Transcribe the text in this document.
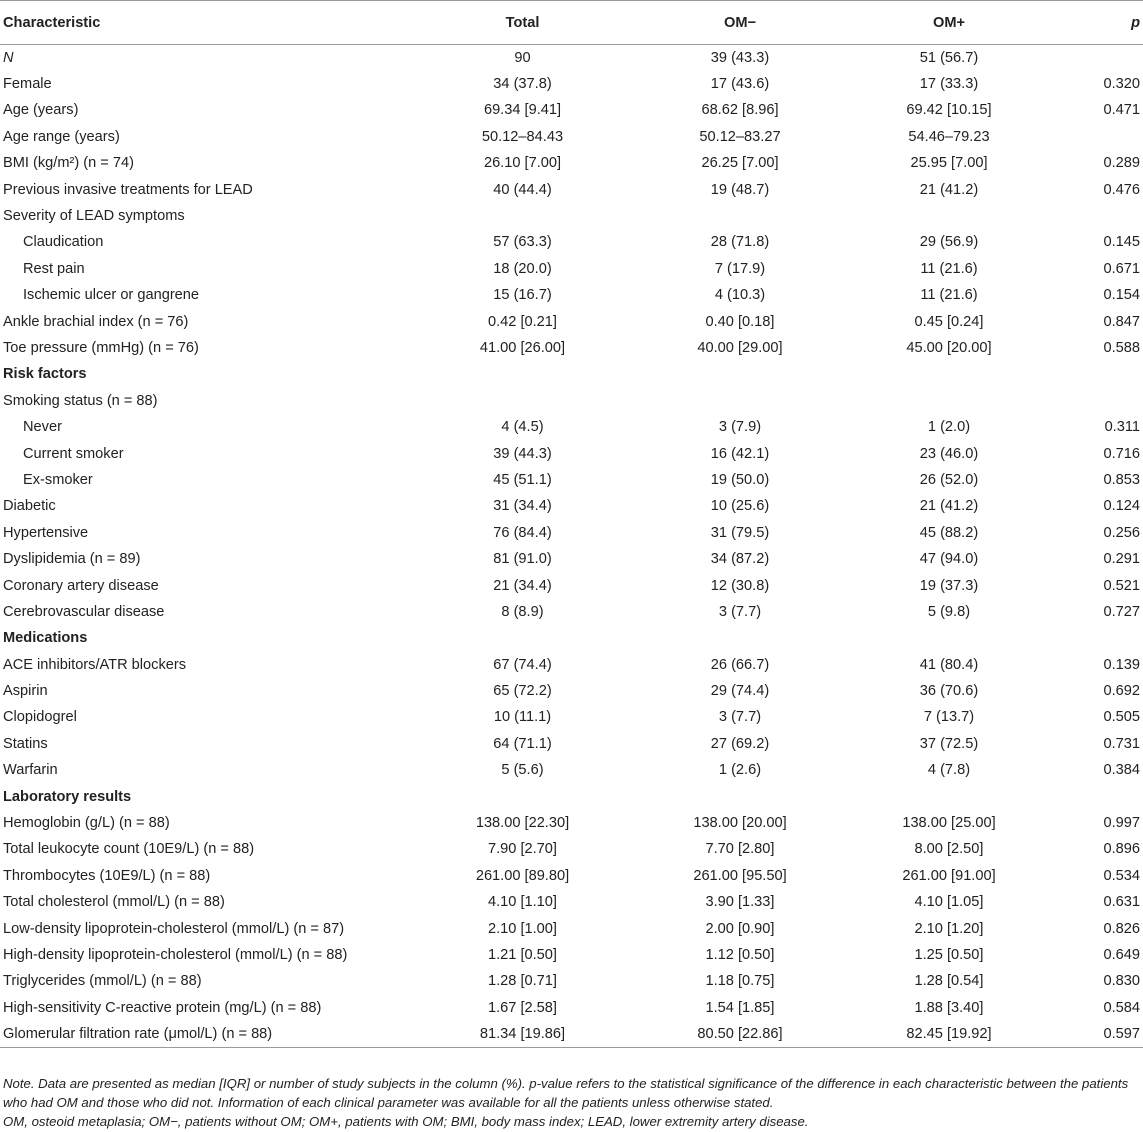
Characteristic	Total	OM−	OM+	p
N	90	39 (43.3)	51 (56.7)	
Female	34 (37.8)	17 (43.6)	17 (33.3)	0.320
Age (years)	69.34 [9.41]	68.62 [8.96]	69.42 [10.15]	0.471
Age range (years)	50.12–84.43	50.12–83.27	54.46–79.23	
BMI (kg/m²) (n = 74)	26.10 [7.00]	26.25 [7.00]	25.95 [7.00]	0.289
Previous invasive treatments for LEAD	40 (44.4)	19 (48.7)	21 (41.2)	0.476
Severity of LEAD symptoms				
Claudication	57 (63.3)	28 (71.8)	29 (56.9)	0.145
Rest pain	18 (20.0)	7 (17.9)	11 (21.6)	0.671
Ischemic ulcer or gangrene	15 (16.7)	4 (10.3)	11 (21.6)	0.154
Ankle brachial index (n = 76)	0.42 [0.21]	0.40 [0.18]	0.45 [0.24]	0.847
Toe pressure (mmHg) (n = 76)	41.00 [26.00]	40.00 [29.00]	45.00 [20.00]	0.588
Risk factors				
Smoking status (n = 88)				
Never	4 (4.5)	3 (7.9)	1 (2.0)	0.311
Current smoker	39 (44.3)	16 (42.1)	23 (46.0)	0.716
Ex-smoker	45 (51.1)	19 (50.0)	26 (52.0)	0.853
Diabetic	31 (34.4)	10 (25.6)	21 (41.2)	0.124
Hypertensive	76 (84.4)	31 (79.5)	45 (88.2)	0.256
Dyslipidemia (n = 89)	81 (91.0)	34 (87.2)	47 (94.0)	0.291
Coronary artery disease	21 (34.4)	12 (30.8)	19 (37.3)	0.521
Cerebrovascular disease	8 (8.9)	3 (7.7)	5 (9.8)	0.727
Medications				
ACE inhibitors/ATR blockers	67 (74.4)	26 (66.7)	41 (80.4)	0.139
Aspirin	65 (72.2)	29 (74.4)	36 (70.6)	0.692
Clopidogrel	10 (11.1)	3 (7.7)	7 (13.7)	0.505
Statins	64 (71.1)	27 (69.2)	37 (72.5)	0.731
Warfarin	5 (5.6)	1 (2.6)	4 (7.8)	0.384
Laboratory results				
Hemoglobin (g/L) (n = 88)	138.00 [22.30]	138.00 [20.00]	138.00 [25.00]	0.997
Total leukocyte count (10E9/L) (n = 88)	7.90 [2.70]	7.70 [2.80]	8.00 [2.50]	0.896
Thrombocytes (10E9/L) (n = 88)	261.00 [89.80]	261.00 [95.50]	261.00 [91.00]	0.534
Total cholesterol (mmol/L) (n = 88)	4.10 [1.10]	3.90 [1.33]	4.10 [1.05]	0.631
Low-density lipoprotein-cholesterol (mmol/L) (n = 87)	2.10 [1.00]	2.00 [0.90]	2.10 [1.20]	0.826
High-density lipoprotein-cholesterol (mmol/L) (n = 88)	1.21 [0.50]	1.12 [0.50]	1.25 [0.50]	0.649
Triglycerides (mmol/L) (n = 88)	1.28 [0.71]	1.18 [0.75]	1.28 [0.54]	0.830
High-sensitivity C-reactive protein (mg/L) (n = 88)	1.67 [2.58]	1.54 [1.85]	1.88 [3.40]	0.584
Glomerular filtration rate (μmol/L) (n = 88)	81.34 [19.86]	80.50 [22.86]	82.45 [19.92]	0.597

Note. Data are presented as median [IQR] or number of study subjects in the column (%). p-value refers to the statistical significance of the difference in each characteristic between the patients who had OM and those who did not. Information of each clinical parameter was available for all the patients unless otherwise stated.

OM, osteoid metaplasia; OM−, patients without OM; OM+, patients with OM; BMI, body mass index; LEAD, lower extremity artery disease.
